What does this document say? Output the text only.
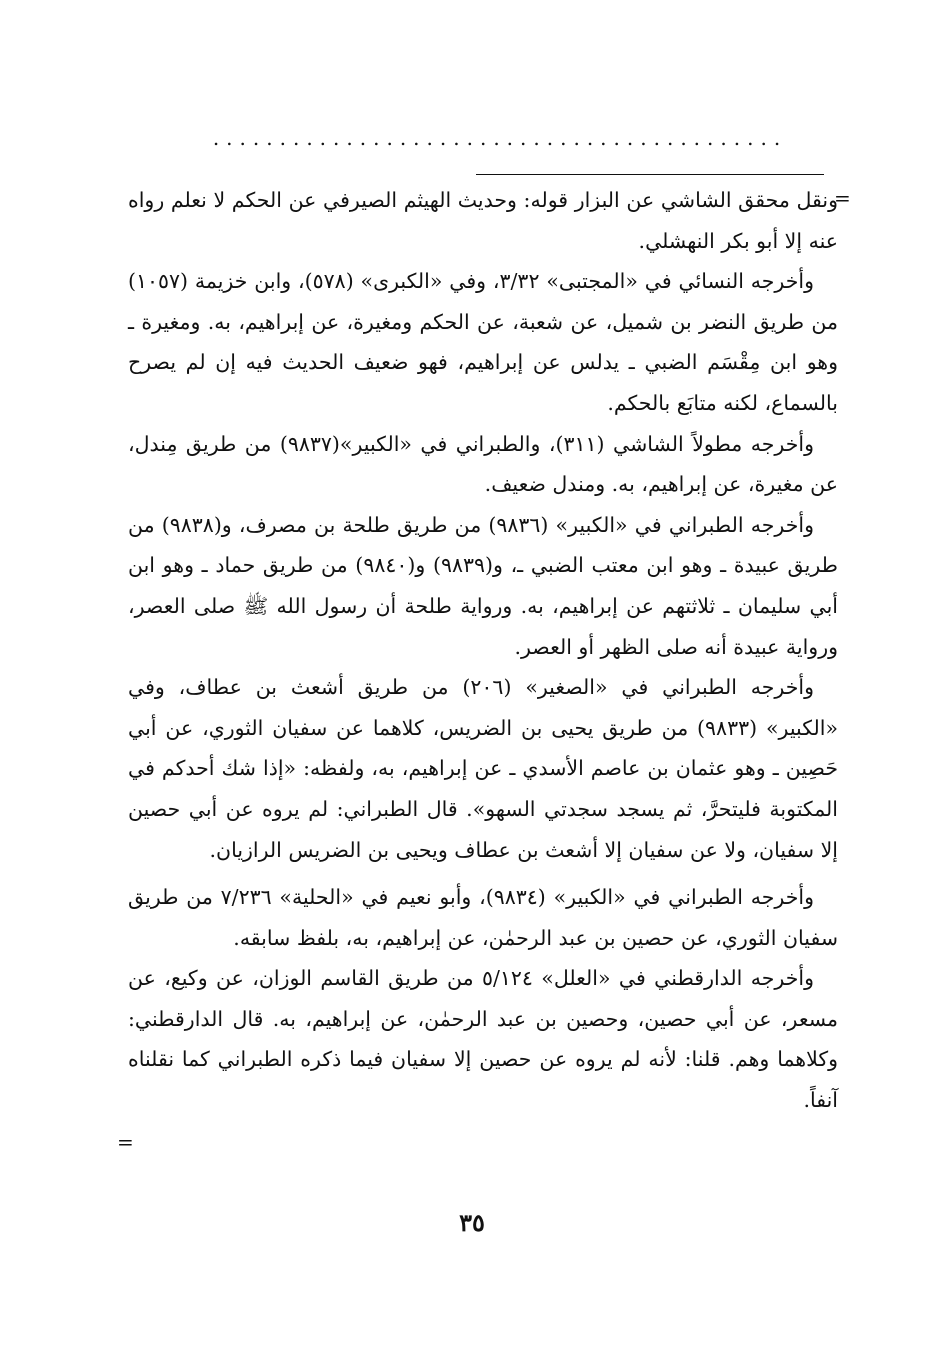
...........................................
=

ونقل محقق الشاشي عن البزار قوله: وحديث الهيثم الصيرفي عن الحكم لا نعلم رواه عنه إلا أبو بكر النهشلي.

وأخرجه النسائي في «المجتبى» ٣/٣٢، وفي «الكبرى» (٥٧٨)، وابن خزيمة (١٠٥٧) من طريق النضر بن شميل، عن شعبة، عن الحكم ومغيرة، عن إبراهيم، به. ومغيرة ـ وهو ابن مِقْسَم الضبي ـ يدلس عن إبراهيم، فهو ضعيف الحديث فيه إن لم يصرح بالسماع، لكنه متابَع بالحكم.

وأخرجه مطولاً الشاشي (٣١١)، والطبراني في «الكبير»(٩٨٣٧) من طريق مِندل، عن مغيرة، عن إبراهيم، به. ومندل ضعيف.

وأخرجه الطبراني في «الكبير» (٩٨٣٦) من طريق طلحة بن مصرف، و(٩٨٣٨) من طريق عبيدة ـ وهو ابن معتب الضبي ـ، و(٩٨٣٩) و(٩٨٤٠) من طريق حماد ـ وهو ابن أبي سليمان ـ ثلاثتهم عن إبراهيم، به. ورواية طلحة أن رسول الله ﷺ صلى العصر، ورواية عبيدة أنه صلى الظهر أو العصر.

وأخرجه الطبراني في «الصغير» (٢٠٦) من طريق أشعث بن عطاف، وفي «الكبير» (٩٨٣٣) من طريق يحيى بن الضريس، كلاهما عن سفيان الثوري، عن أبي حَصِين ـ وهو عثمان بن عاصم الأسدي ـ عن إبراهيم، به، ولفظه: «إذا شك أحدكم في المكتوبة فليتحرَّ، ثم يسجد سجدتي السهو». قال الطبراني: لم يروه عن أبي حصين إلا سفيان، ولا عن سفيان إلا أشعث بن عطاف ويحيى بن الضريس الرازيان.

وأخرجه الطبراني في «الكبير» (٩٨٣٤)، وأبو نعيم في «الحلية» ٧/٢٣٦ من طريق سفيان الثوري، عن حصين بن عبد الرحمٰن، عن إبراهيم، به، بلفظ سابقه.

وأخرجه الدارقطني في «العلل» ٥/١٢٤ من طريق القاسم الوزان، عن وكيع، عن مسعر، عن أبي حصين، وحصين بن عبد الرحمٰن، عن إبراهيم، به. قال الدارقطني: وكلاهما وهم. قلنا: لأنه لم يروه عن حصين إلا سفيان فيما ذكره الطبراني كما نقلناه آنفاً.

=
٣٥
